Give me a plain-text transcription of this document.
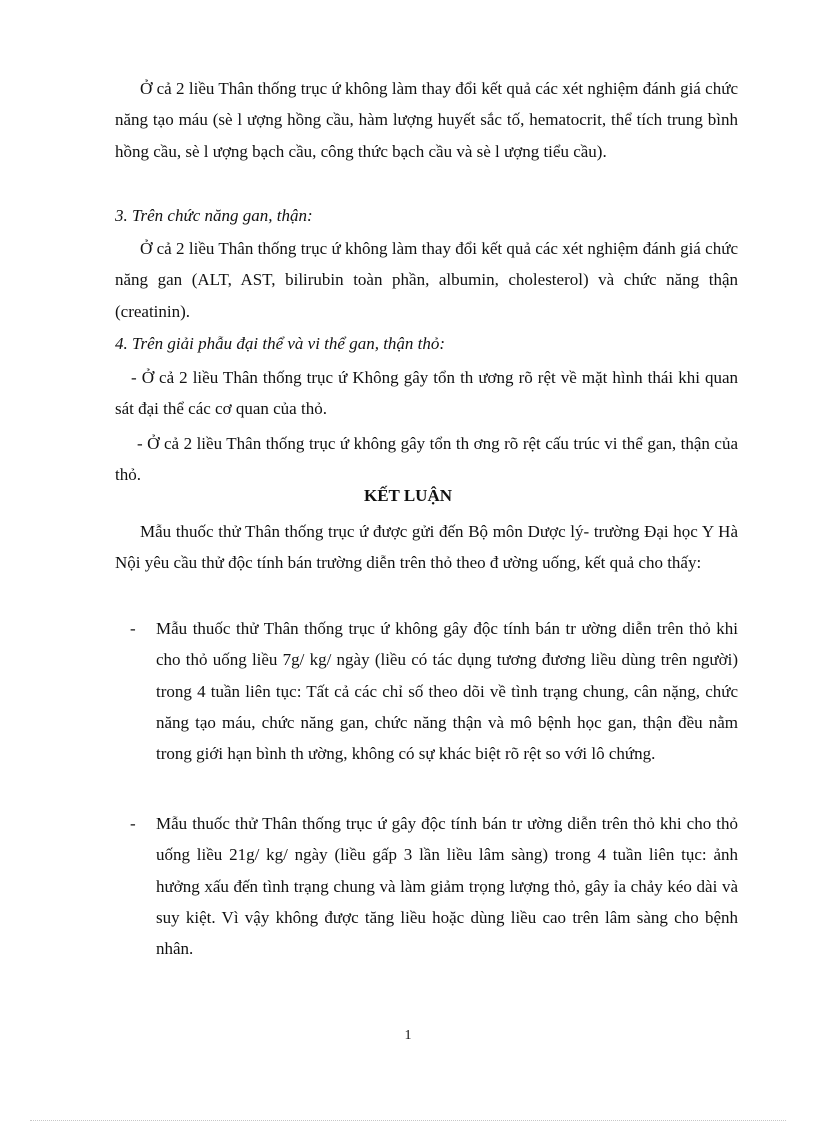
Ở cả 2 liều Thân thống trục ứ không làm thay đổi kết quả các xét nghiệm đánh giá chức năng tạo máu (sè l ượng hồng cầu, hàm lượng huyết sắc tố, hematocrit, thể tích trung bình hồng cầu, sè l ượng bạch cầu, công thức bạch cầu và sè l ượng tiểu cầu).

3. Trên chức năng gan, thận:

Ở cả 2 liều Thân thống trục ứ không làm thay đổi kết quả các xét nghiệm đánh giá chức năng gan (ALT, AST, bilirubin toàn phần, albumin, cholesterol) và chức năng thận (creatinin).

4. Trên giải phẫu đại thể và vi thể gan, thận thỏ:

- Ở cả 2 liều Thân thống trục ứ Không gây tổn th ương rõ rệt về mặt hình thái khi quan sát đại thể các cơ quan của thỏ.

- Ở cả 2 liều Thân thống trục ứ không gây tổn th ơng rõ rệt cấu trúc vi thể gan, thận của thỏ.

KẾT LUẬN

Mẫu thuốc thử Thân thống trục ứ được gửi đến Bộ môn Dược lý- trường Đại học Y Hà Nội yêu cầu thử độc tính bán trường diễn trên thỏ theo đ ường uống, kết quả cho thấy:

- Mẫu thuốc thử Thân thống trục ứ không gây độc tính bán tr ường diễn trên thỏ khi cho thỏ uống liều 7g/ kg/ ngày (liều có tác dụng tương đương liều dùng trên người) trong 4 tuần liên tục: Tất cả các chỉ số theo dõi về tình trạng chung, cân nặng, chức năng tạo máu, chức năng gan, chức năng thận và mô bệnh học gan, thận đều nằm trong giới hạn bình th ường, không có sự khác biệt rõ rệt so với lô chứng.

- Mẫu thuốc thử Thân thống trục ứ gây độc tính bán tr ường diễn trên thỏ khi cho thỏ uống liều 21g/ kg/ ngày (liều gấp 3 lần liều lâm sàng) trong 4 tuần liên tục: ảnh hưởng xấu đến tình trạng chung và làm giảm trọng lượng thỏ, gây ỉa chảy kéo dài và suy kiệt. Vì vậy không được tăng liều hoặc dùng liều cao trên lâm sàng cho bệnh nhân.

1
